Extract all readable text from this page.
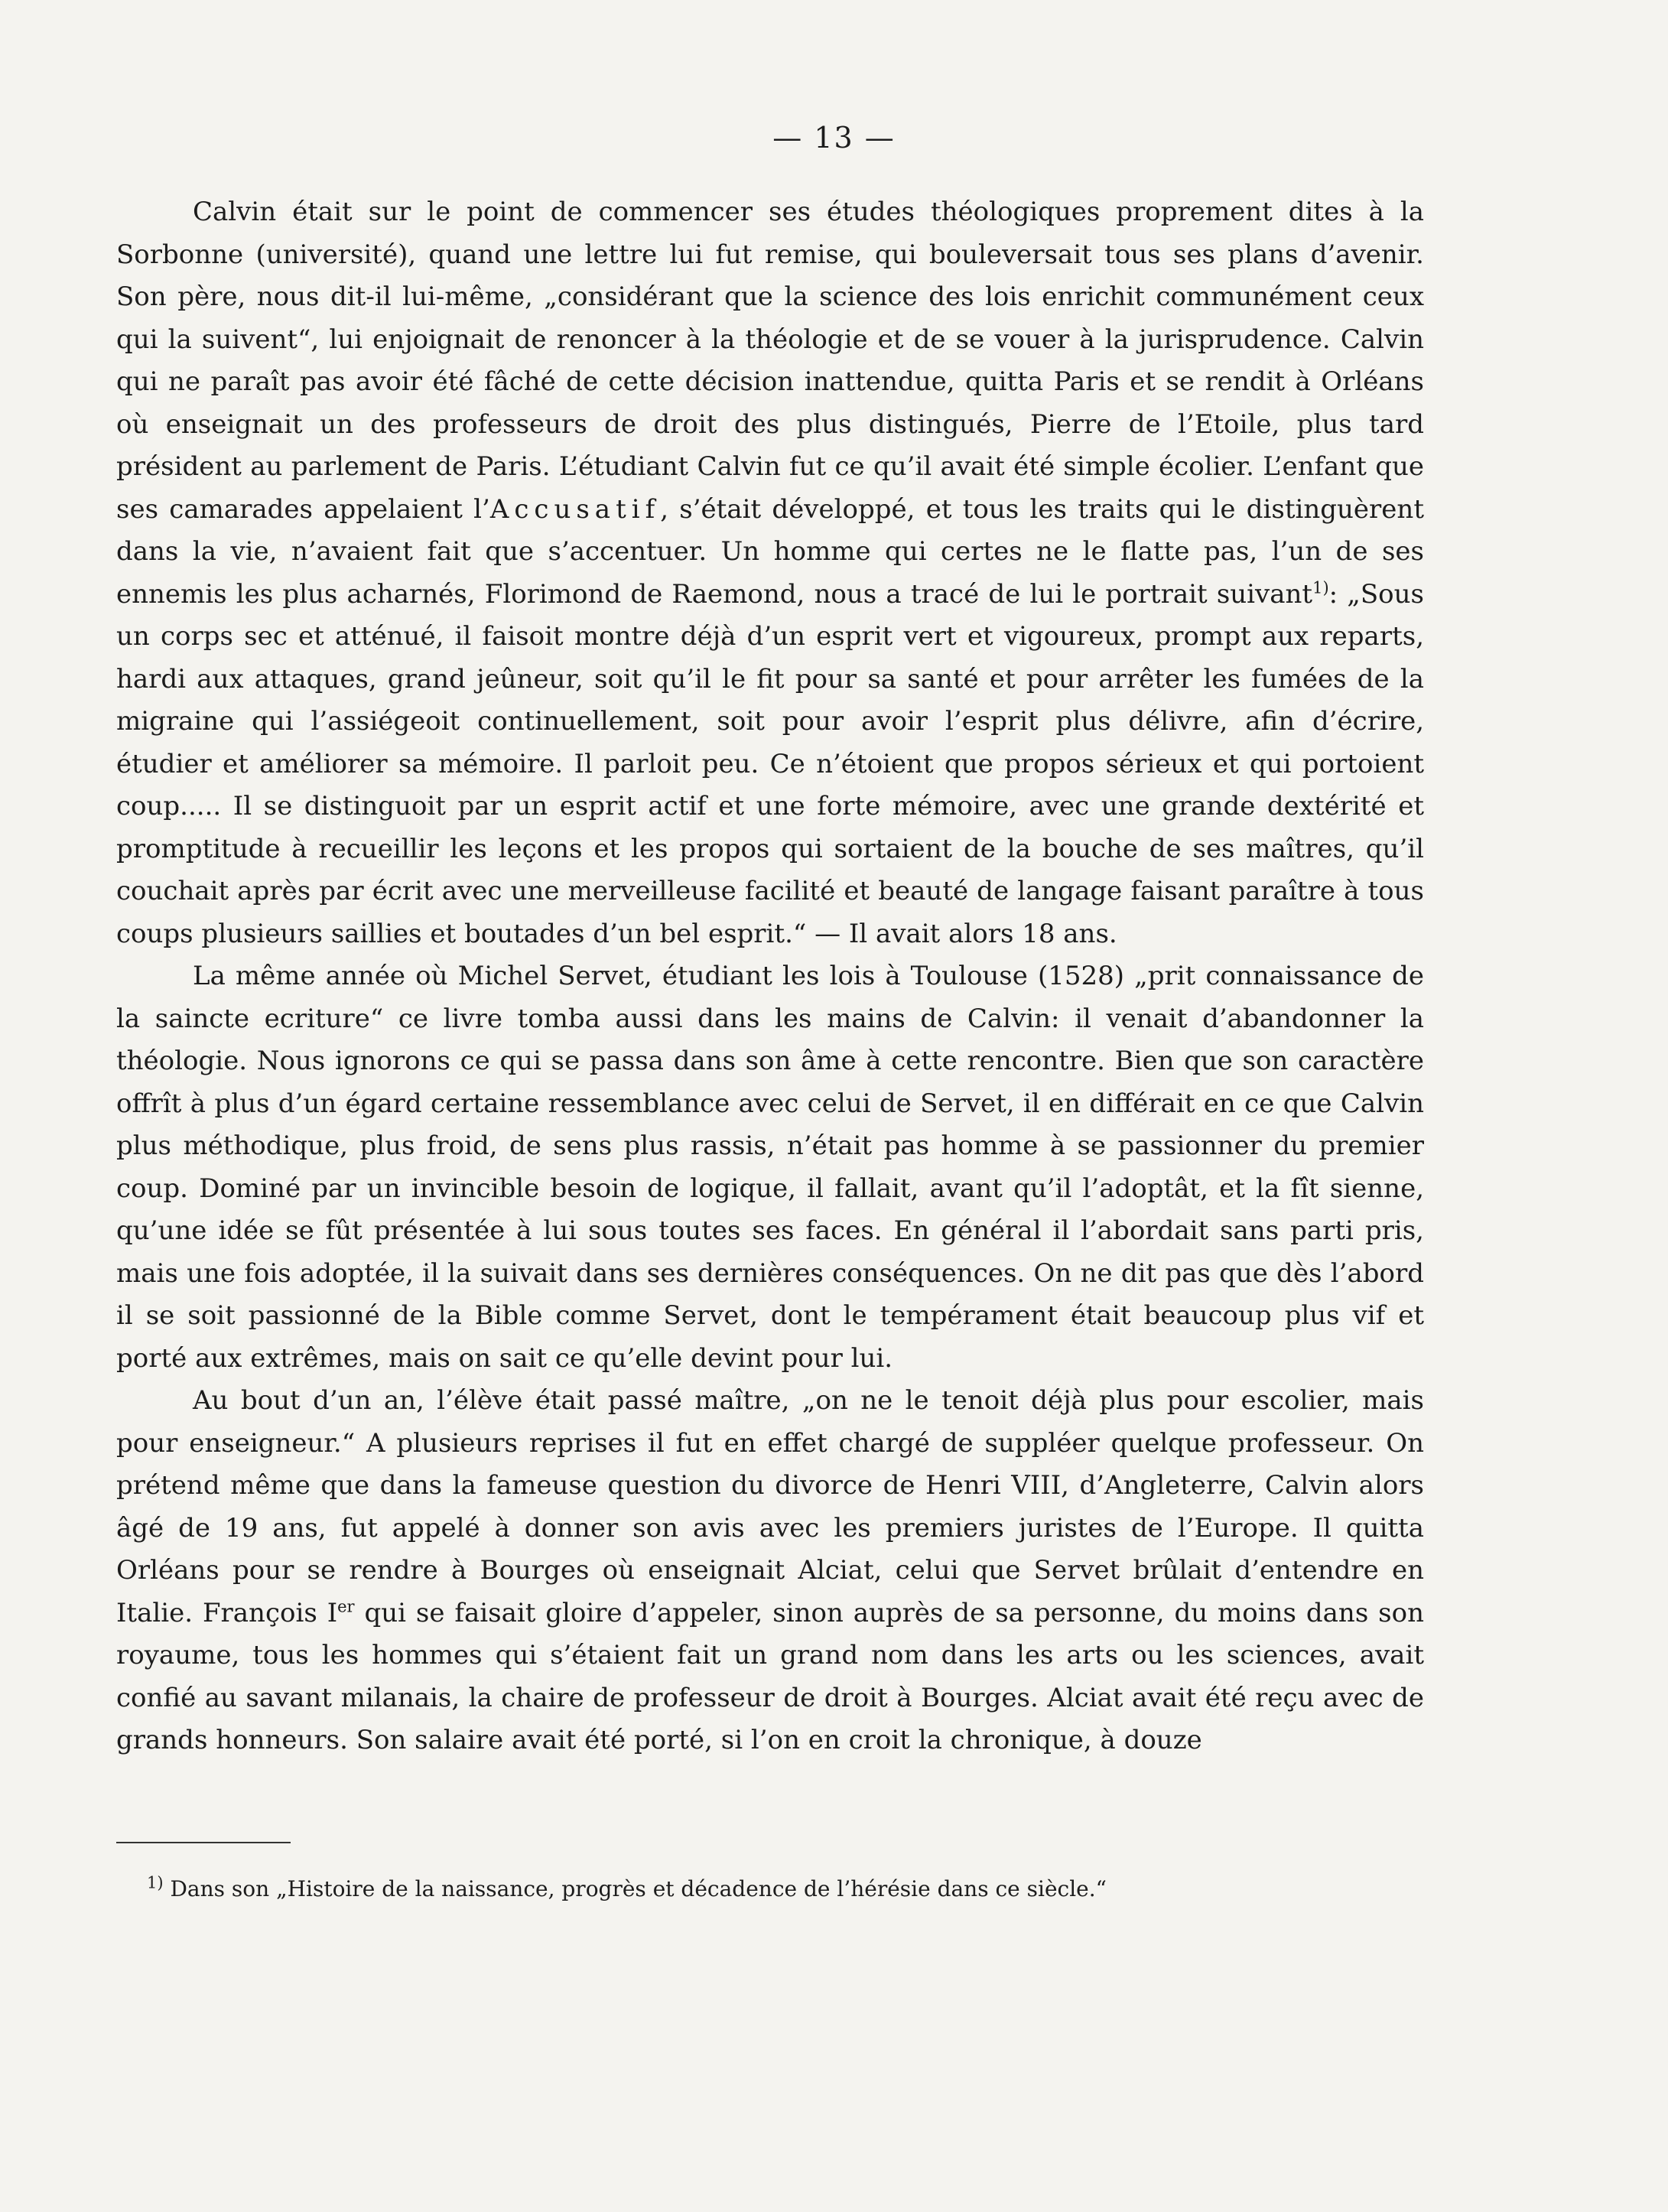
— 13 —

Calvin était sur le point de commencer ses études théologiques proprement dites à la Sorbonne (université), quand une lettre lui fut remise, qui bouleversait tous ses plans d’avenir. Son père, nous dit-il lui-même, „considérant que la science des lois enrichit communément ceux qui la suivent“, lui enjoignait de renoncer à la théologie et de se vouer à la jurisprudence. Calvin qui ne paraît pas avoir été fâché de cette décision inattendue, quitta Paris et se rendit à Orléans où enseignait un des professeurs de droit des plus distingués, Pierre de l’Etoile, plus tard président au parlement de Paris. L’étudiant Calvin fut ce qu’il avait été simple écolier. L’enfant que ses camarades appelaient l’Accusatif, s’était développé, et tous les traits qui le distinguèrent dans la vie, n’avaient fait que s’accentuer. Un homme qui certes ne le flatte pas, l’un de ses ennemis les plus acharnés, Florimond de Raemond, nous a tracé de lui le portrait suivant$^{1)}$: „Sous un corps sec et atténué, il faisoit montre déjà d’un esprit vert et vigoureux, prompt aux reparts, hardi aux attaques, grand jeûneur, soit qu’il le fit pour sa santé et pour arrêter les fumées de la migraine qui l’assiégeoit continuellement, soit pour avoir l’esprit plus délivre, afin d’écrire, étudier et améliorer sa mémoire. Il parloit peu. Ce n’étoient que propos sérieux et qui portoient coup..... Il se distinguoit par un esprit actif et une forte mémoire, avec une grande dextérité et promptitude à recueillir les leçons et les propos qui sortaient de la bouche de ses maîtres, qu’il couchait après par écrit avec une merveilleuse facilité et beauté de langage faisant paraître à tous coups plusieurs saillies et boutades d’un bel esprit.“ — Il avait alors 18 ans.

La même année où Michel Servet, étudiant les lois à Toulouse (1528) „prit connaissance de la saincte ecriture“ ce livre tomba aussi dans les mains de Calvin: il venait d’abandonner la théologie. Nous ignorons ce qui se passa dans son âme à cette rencontre. Bien que son caractère offrît à plus d’un égard certaine ressemblance avec celui de Servet, il en différait en ce que Calvin plus méthodique, plus froid, de sens plus rassis, n’était pas homme à se passionner du premier coup. Dominé par un invincible besoin de logique, il fallait, avant qu’il l’adoptât, et la fît sienne, qu’une idée se fût présentée à lui sous toutes ses faces. En général il l’abordait sans parti pris, mais une fois adoptée, il la suivait dans ses dernières conséquences. On ne dit pas que dès l’abord il se soit passionné de la Bible comme Servet, dont le tempérament était beaucoup plus vif et porté aux extrêmes, mais on sait ce qu’elle devint pour lui.

Au bout d’un an, l’élève était passé maître, „on ne le tenoit déjà plus pour escolier, mais pour enseigneur.“ A plusieurs reprises il fut en effet chargé de suppléer quelque professeur. On prétend même que dans la fameuse question du divorce de Henri VIII, d’Angleterre, Calvin alors âgé de 19 ans, fut appelé à donner son avis avec les premiers juristes de l’Europe. Il quitta Orléans pour se rendre à Bourges où enseignait Alciat, celui que Servet brûlait d’entendre en Italie. François Ier qui se faisait gloire d’appeler, sinon auprès de sa personne, du moins dans son royaume, tous les hommes qui s’étaient fait un grand nom dans les arts ou les sciences, avait confié au savant milanais, la chaire de professeur de droit à Bourges. Alciat avait été reçu avec de grands honneurs. Son salaire avait été porté, si l’on en croit la chronique, à douze

$^{1)}$ Dans son „Histoire de la naissance, progrès et décadence de l’hérésie dans ce siècle.“
